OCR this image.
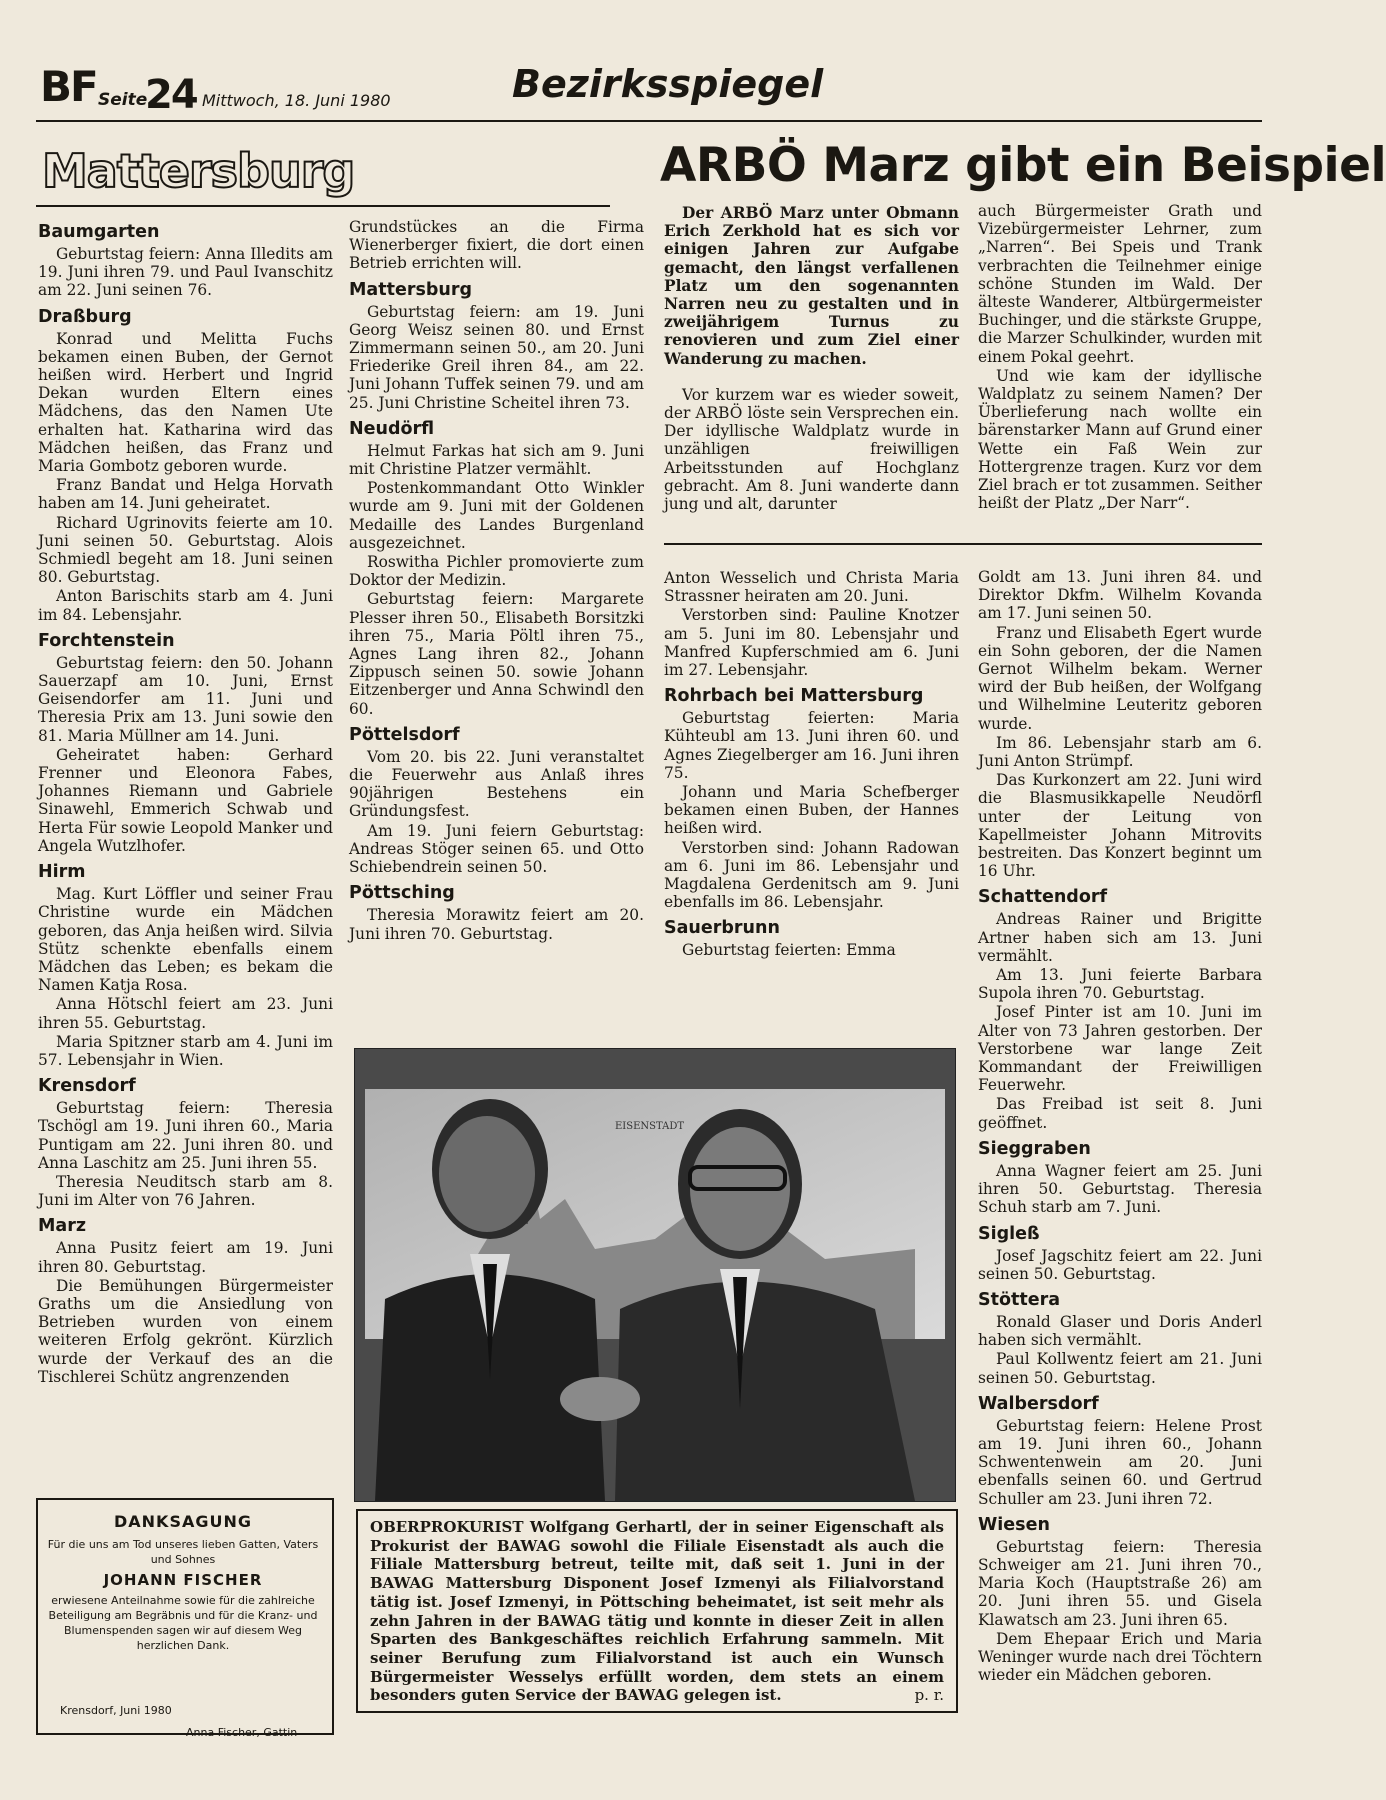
BF Seite
24 Mittwoch, 18. Juni 1980	Bezirksspiegel
Mattersburg	ARBÖ Marz gibt ein Beispiel
Baumgarten

Geburtstag feiern: Anna Illedits am 19. Juni ihren 79. und Paul Ivanschitz am 22. Juni seinen 76.

Draßburg

Konrad und Melitta Fuchs bekamen einen Buben, der Gernot heißen wird. Herbert und Ingrid Dekan wurden Eltern eines Mädchens, das den Namen Ute erhalten hat. Katharina wird das Mädchen heißen, das Franz und Maria Gombotz geboren wurde.

Franz Bandat und Helga Horvath haben am 14. Juni geheiratet.

Richard Ugrinovits feierte am 10. Juni seinen 50. Geburtstag. Alois Schmiedl begeht am 18. Juni seinen 80. Geburtstag.

Anton Barischits starb am 4. Juni im 84. Lebensjahr.

Forchtenstein

Geburtstag feiern: den 50. Johann Sauerzapf am 10. Juni, Ernst Geisendorfer am 11. Juni und Theresia Prix am 13. Juni sowie den 81. Maria Müllner am 14. Juni.

Geheiratet haben: Gerhard Frenner und Eleonora Fabes, Johannes Riemann und Gabriele Sinawehl, Emmerich Schwab und Herta Für sowie Leopold Manker und Angela Wutzlhofer.

Hirm

Mag. Kurt Löffler und seiner Frau Christine wurde ein Mädchen geboren, das Anja heißen wird. Silvia Stütz schenkte ebenfalls einem Mädchen das Leben; es bekam die Namen Katja Rosa.

Anna Hötschl feiert am 23. Juni ihren 55. Geburtstag.

Maria Spitzner starb am 4. Juni im 57. Lebensjahr in Wien.

Krensdorf

Geburtstag feiern: Theresia Tschögl am 19. Juni ihren 60., Maria Puntigam am 22. Juni ihren 80. und Anna Laschitz am 25. Juni ihren 55.

Theresia Neuditsch starb am 8. Juni im Alter von 76 Jahren.

Marz

Anna Pusitz feiert am 19. Juni ihren 80. Geburtstag.

Die Bemühungen Bürgermeister Graths um die Ansiedlung von Betrieben wurden von einem weiteren Erfolg gekrönt. Kürzlich wurde der Verkauf des an die Tischlerei Schütz angrenzenden

Grundstückes an die Firma Wienerberger fixiert, die dort einen Betrieb errichten will.

Mattersburg

Geburtstag feiern: am 19. Juni Georg Weisz seinen 80. und Ernst Zimmermann seinen 50., am 20. Juni Friederike Greil ihren 84., am 22. Juni Johann Tuffek seinen 79. und am 25. Juni Christine Scheitel ihren 73.

Neudörfl

Helmut Farkas hat sich am 9. Juni mit Christine Platzer vermählt.

Postenkommandant Otto Winkler wurde am 9. Juni mit der Goldenen Medaille des Landes Burgenland ausgezeichnet.

Roswitha Pichler promovierte zum Doktor der Medizin.

Geburtstag feiern: Margarete Plesser ihren 50., Elisabeth Borsitzki ihren 75., Maria Pöltl ihren 75., Agnes Lang ihren 82., Johann Zippusch seinen 50. sowie Johann Eitzenberger und Anna Schwindl den 60.

Pöttelsdorf

Vom 20. bis 22. Juni veranstaltet die Feuerwehr aus Anlaß ihres 90jährigen Bestehens ein Gründungsfest.

Am 19. Juni feiern Geburtstag: Andreas Stöger seinen 65. und Otto Schiebendrein seinen 50.

Pöttsching

Theresia Morawitz feiert am 20. Juni ihren 70. Geburtstag.

Der ARBÖ Marz unter Obmann Erich Zerkhold hat es sich vor einigen Jahren zur Aufgabe gemacht, den längst verfallenen Platz um den sogenannten Narren neu zu gestalten und in zweijährigem Turnus zu renovieren und zum Ziel einer Wanderung zu machen.

Vor kurzem war es wieder soweit, der ARBÖ löste sein Versprechen ein. Der idyllische Waldplatz wurde in unzähligen freiwilligen Arbeitsstunden auf Hochglanz gebracht. Am 8. Juni wanderte dann jung und alt, darunter

auch Bürgermeister Grath und Vizebürgermeister Lehrner, zum „Narren“. Bei Speis und Trank verbrachten die Teilnehmer einige schöne Stunden im Wald. Der älteste Wanderer, Altbürgermeister Buchinger, und die stärkste Gruppe, die Marzer Schulkinder, wurden mit einem Pokal geehrt.

Und wie kam der idyllische Waldplatz zu seinem Namen? Der Überlieferung nach wollte ein bärenstarker Mann auf Grund einer Wette ein Faß Wein zur Hottergrenze tragen. Kurz vor dem Ziel brach er tot zusammen. Seither heißt der Platz „Der Narr“.

Anton Wesselich und Christa Maria Strassner heiraten am 20. Juni.

Verstorben sind: Pauline Knotzer am 5. Juni im 80. Lebensjahr und Manfred Kupferschmied am 6. Juni im 27. Lebensjahr.

Rohrbach bei Mattersburg

Geburtstag feierten: Maria Kühteubl am 13. Juni ihren 60. und Agnes Ziegelberger am 16. Juni ihren 75.

Johann und Maria Schefberger bekamen einen Buben, der Hannes heißen wird.

Verstorben sind: Johann Radowan am 6. Juni im 86. Lebensjahr und Magdalena Gerdenitsch am 9. Juni ebenfalls im 86. Lebensjahr.

Sauerbrunn

Geburtstag feierten: Emma

Goldt am 13. Juni ihren 84. und Direktor Dkfm. Wilhelm Kovanda am 17. Juni seinen 50.

Franz und Elisabeth Egert wurde ein Sohn geboren, der die Namen Gernot Wilhelm bekam. Werner wird der Bub heißen, der Wolfgang und Wilhelmine Leuteritz geboren wurde.

Im 86. Lebensjahr starb am 6. Juni Anton Strümpf.

Das Kurkonzert am 22. Juni wird die Blasmusikkapelle Neudörfl unter der Leitung von Kapellmeister Johann Mitrovits bestreiten. Das Konzert beginnt um 16 Uhr.

Schattendorf

Andreas Rainer und Brigitte Artner haben sich am 13. Juni vermählt.

Am 13. Juni feierte Barbara Supola ihren 70. Geburtstag.

Josef Pinter ist am 10. Juni im Alter von 73 Jahren gestorben. Der Verstorbene war lange Zeit Kommandant der Freiwilligen Feuerwehr.

Das Freibad ist seit 8. Juni geöffnet.

Sieggraben

Anna Wagner feiert am 25. Juni ihren 50. Geburtstag. Theresia Schuh starb am 7. Juni.

Sigleß

Josef Jagschitz feiert am 22. Juni seinen 50. Geburtstag.

Stöttera

Ronald Glaser und Doris Anderl haben sich vermählt.

Paul Kollwentz feiert am 21. Juni seinen 50. Geburtstag.

Walbersdorf

Geburtstag feiern: Helene Prost am 19. Juni ihren 60., Johann Schwentenwein am 20. Juni ebenfalls seinen 60. und Gertrud Schuller am 23. Juni ihren 72.

Wiesen

Geburtstag feiern: Theresia Schweiger am 21. Juni ihren 70., Maria Koch (Hauptstraße 26) am 20. Juni ihren 55. und Gisela Klawatsch am 23. Juni ihren 65.

Dem Ehepaar Erich und Maria Weninger wurde nach drei Töchtern wieder ein Mädchen geboren.

EISENSTADT
OBERPROKURIST Wolfgang Gerhartl, der in seiner Eigenschaft als Prokurist der BAWAG sowohl die Filiale Eisenstadt als auch die Filiale Mattersburg betreut, teilte mit, daß seit 1. Juni in der BAWAG Mattersburg Disponent Josef Izmenyi als Filialvorstand tätig ist. Josef Izmenyi, in Pöttsching beheimatet, ist seit mehr als zehn Jahren in der BAWAG tätig und konnte in dieser Zeit in allen Sparten des Bankgeschäftes reichlich Erfahrung sammeln. Mit seiner Berufung zum Filialvorstand ist auch ein Wunsch Bürgermeister Wesselys erfüllt worden, dem stets an einem besonders guten Service der BAWAG gelegen ist.	p. r.
DANKSAGUNG
Für die uns am Tod unseres lieben Gatten, Vaters und Sohnes
JOHANN FISCHER
erwiesene Anteilnahme sowie für die zahlreiche Beteiligung am Begräbnis und für die Kranz- und Blumenspenden sagen wir auf diesem Weg herzlichen Dank.
Krensdorf, Juni 1980
Anna Fischer, Gattin
